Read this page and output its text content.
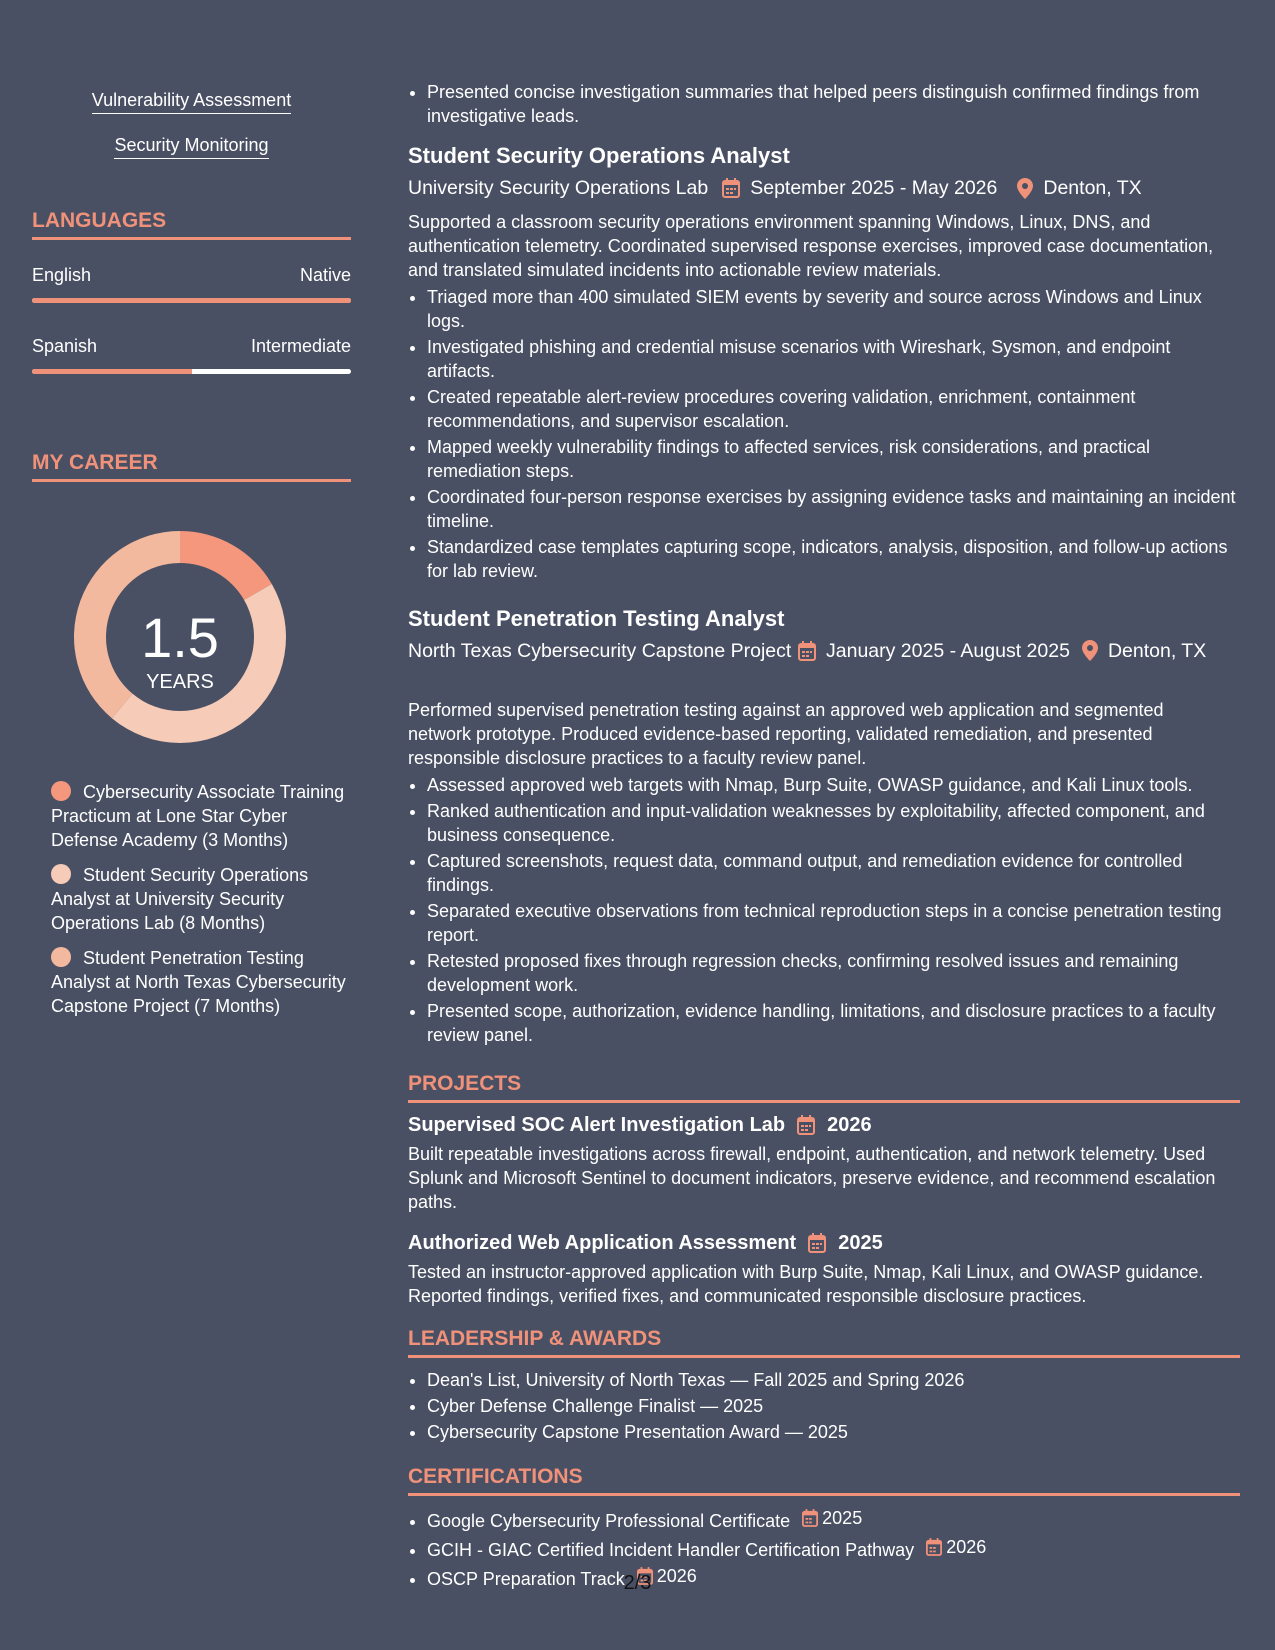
Vulnerability Assessment
Security Monitoring
LANGUAGES
English	Native
Spanish	Intermediate
MY CAREER
1.5
YEARS
Cybersecurity Associate Training Practicum at Lone Star Cyber Defense Academy (3 Months)
Student Security Operations Analyst at University Security Operations Lab (8 Months)
Student Penetration Testing Analyst at North Texas Cybersecurity Capstone Project (7 Months)
• Presented concise investigation summaries that helped peers distinguish confirmed findings from investigative leads.
Student Security Operations Analyst
University Security Operations Lab September 2025 - May 2026 Denton, TX

Supported a classroom security operations environment spanning Windows, Linux, DNS, and authentication telemetry. Coordinated supervised response exercises, improved case documentation, and translated simulated incidents into actionable review materials.

• Triaged more than 400 simulated SIEM events by severity and source across Windows and Linux logs.
• Investigated phishing and credential misuse scenarios with Wireshark, Sysmon, and endpoint artifacts.
• Created repeatable alert-review procedures covering validation, enrichment, containment recommendations, and supervisor escalation.
• Mapped weekly vulnerability findings to affected services, risk considerations, and practical remediation steps.
• Coordinated four-person response exercises by assigning evidence tasks and maintaining an incident timeline.
• Standardized case templates capturing scope, indicators, analysis, disposition, and follow-up actions for lab review.
Student Penetration Testing Analyst
North Texas Cybersecurity Capstone Project	January 2025 - August 2025 Denton, TX

Performed supervised penetration testing against an approved web application and segmented network prototype. Produced evidence-based reporting, validated remediation, and presented responsible disclosure practices to a faculty review panel.

• Assessed approved web targets with Nmap, Burp Suite, OWASP guidance, and Kali Linux tools.
• Ranked authentication and input-validation weaknesses by exploitability, affected component, and business consequence.
• Captured screenshots, request data, command output, and remediation evidence for controlled findings.
• Separated executive observations from technical reproduction steps in a concise penetration testing report.
• Retested proposed fixes through regression checks, confirming resolved issues and remaining development work.
• Presented scope, authorization, evidence handling, limitations, and disclosure practices to a faculty review panel.
PROJECTS
Supervised SOC Alert Investigation Lab 2026

Built repeatable investigations across firewall, endpoint, authentication, and network telemetry. Used Splunk and Microsoft Sentinel to document indicators, preserve evidence, and recommend escalation paths.

Authorized Web Application Assessment 2025

Tested an instructor-approved application with Burp Suite, Nmap, Kali Linux, and OWASP guidance. Reported findings, verified fixes, and communicated responsible disclosure practices.

LEADERSHIP & AWARDS
• Dean's List, University of North Texas — Fall 2025 and Spring 2026
• Cyber Defense Challenge Finalist — 2025
• Cybersecurity Capstone Presentation Award — 2025
CERTIFICATIONS
• Google Cybersecurity Professional Certificate 2025
• GCIH - GIAC Certified Incident Handler Certification Pathway 2026
• OSCP Preparation Track 2026
2/3
